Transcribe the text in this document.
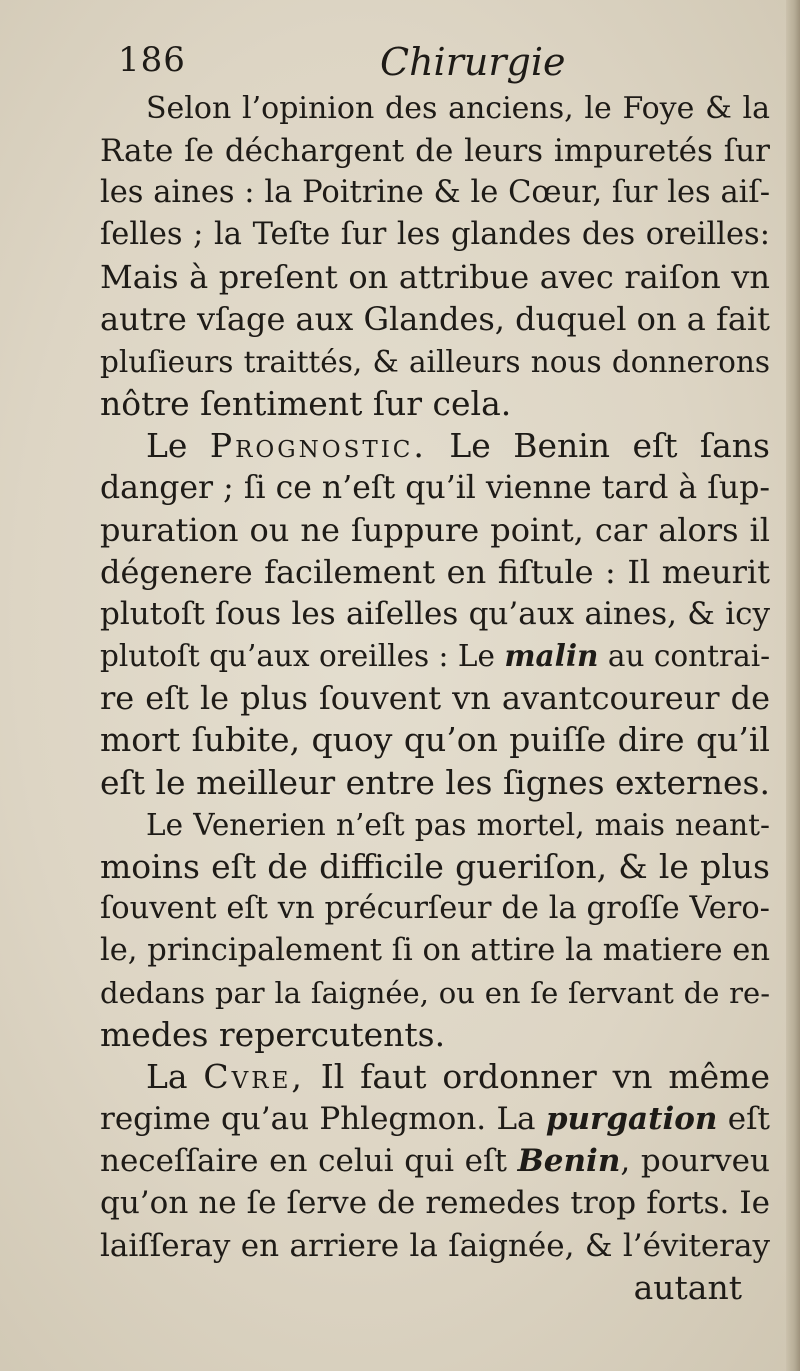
186	Chirurgie
Selon l’opinion des anciens, le Foye & la
Rate ſe déchargent de leurs impuretés ſur
les aines : la Poitrine & le Cœur, ſur les aiſ-
ſelles ; la Teſte ſur les glandes des oreilles:
Mais à preſent on attribue avec raiſon vn
autre vſage aux Glandes, duquel on a fait
pluſieurs traittés, & ailleurs nous donnerons
nôtre ſentiment ſur cela.
Le Prognostic. Le Benin eſt ſans
danger ; ſi ce n’eſt qu’il vienne tard à ſup-
puration ou ne ſuppure point, car alors il
dégenere facilement en fiſtule : Il meurit
plutoſt ſous les aiſelles qu’aux aines, & icy
plutoſt qu’aux oreilles : Le malin au contrai-
re eſt le plus ſouvent vn avantcoureur de
mort ſubite, quoy qu’on puiſſe dire qu’il
eſt le meilleur entre les ſignes externes.
Le Venerien n’eſt pas mortel, mais neant-
moins eſt de difficile gueriſon, & le plus
ſouvent eſt vn précurſeur de la groſſe Vero-
le, principalement ſi on attire la matiere en
dedans par la ſaignée, ou en ſe ſervant de re-
medes repercutents.
La Cvre, Il faut ordonner vn même
regime qu’au Phlegmon. La purgation eſt
neceſſaire en celui qui eſt Benin, pourveu
qu’on ne ſe ſerve de remedes trop forts. Ie
laiſſeray en arriere la ſaignée, & l’éviteray
autant
